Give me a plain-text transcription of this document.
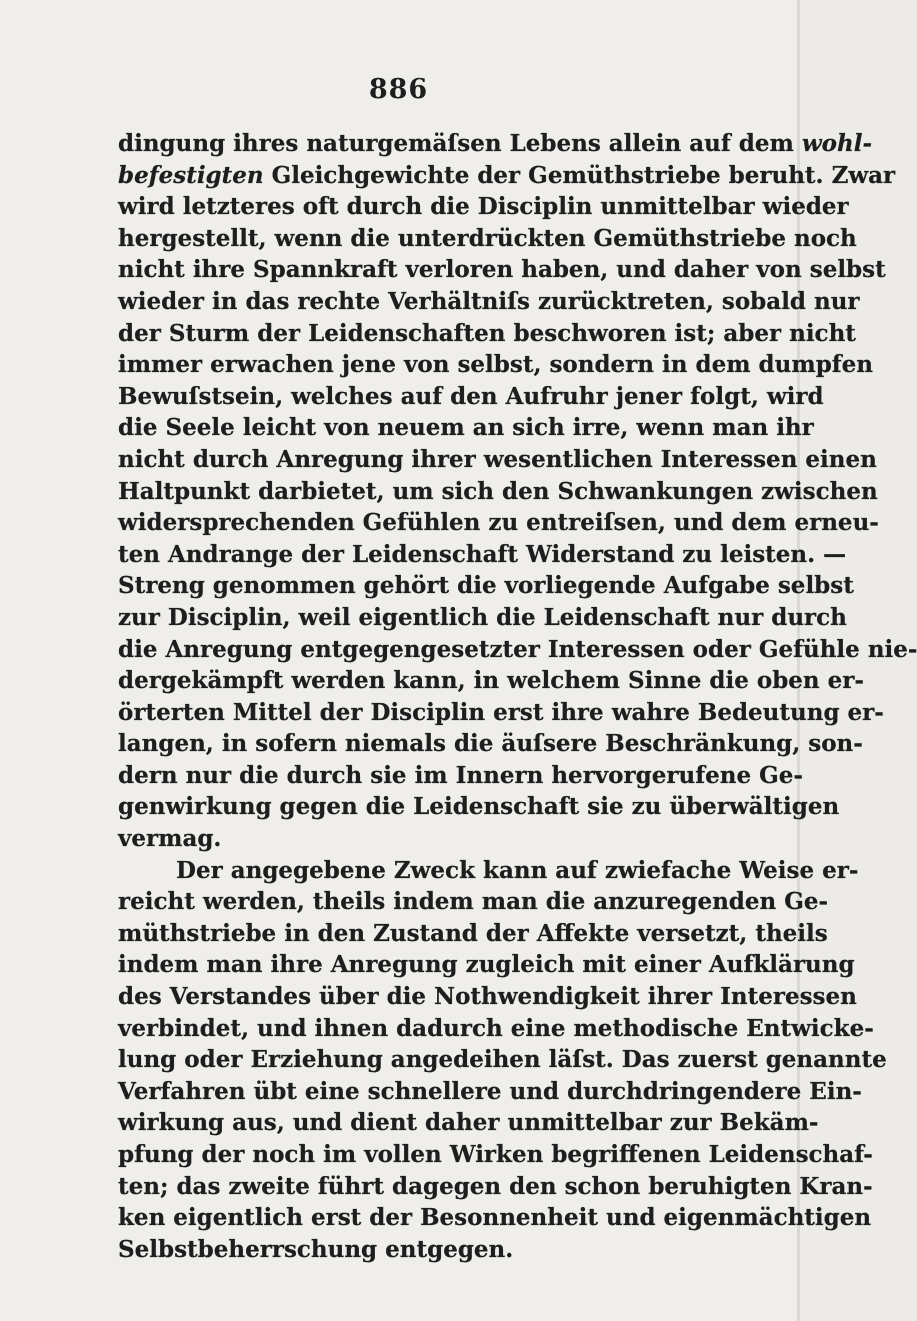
886
dingung ihres naturgemäſsen Lebens allein auf dem wohl-
befestigten Gleichgewichte der Gemüthstriebe beruht. Zwar
wird letzteres oft durch die Disciplin unmittelbar wieder
hergestellt, wenn die unterdrückten Gemüthstriebe noch
nicht ihre Spannkraft verloren haben, und daher von selbst
wieder in das rechte Verhältniſs zurücktreten, sobald nur
der Sturm der Leidenschaften beschworen ist; aber nicht
immer erwachen jene von selbst, sondern in dem dumpfen
Bewuſstsein, welches auf den Aufruhr jener folgt, wird
die Seele leicht von neuem an sich irre, wenn man ihr
nicht durch Anregung ihrer wesentlichen Interessen einen
Haltpunkt darbietet, um sich den Schwankungen zwischen
widersprechenden Gefühlen zu entreiſsen, und dem erneu-
ten Andrange der Leidenschaft Widerstand zu leisten. —
Streng genommen gehört die vorliegende Aufgabe selbst
zur Disciplin, weil eigentlich die Leidenschaft nur durch
die Anregung entgegengesetzter Interessen oder Gefühle nie-
dergekämpft werden kann, in welchem Sinne die oben er-
örterten Mittel der Disciplin erst ihre wahre Bedeutung er-
langen, in sofern niemals die äuſsere Beschränkung, son-
dern nur die durch sie im Innern hervorgerufene Ge-
genwirkung gegen die Leidenschaft sie zu überwältigen
vermag.
Der angegebene Zweck kann auf zwiefache Weise er-
reicht werden, theils indem man die anzuregenden Ge-
müthstriebe in den Zustand der Affekte versetzt, theils
indem man ihre Anregung zugleich mit einer Aufklärung
des Verstandes über die Nothwendigkeit ihrer Interessen
verbindet, und ihnen dadurch eine methodische Entwicke-
lung oder Erziehung angedeihen läſst. Das zuerst genannte
Verfahren übt eine schnellere und durchdringendere Ein-
wirkung aus, und dient daher unmittelbar zur Bekäm-
pfung der noch im vollen Wirken begriffenen Leidenschaf-
ten; das zweite führt dagegen den schon beruhigten Kran-
ken eigentlich erst der Besonnenheit und eigenmächtigen
Selbstbeherrschung entgegen.
